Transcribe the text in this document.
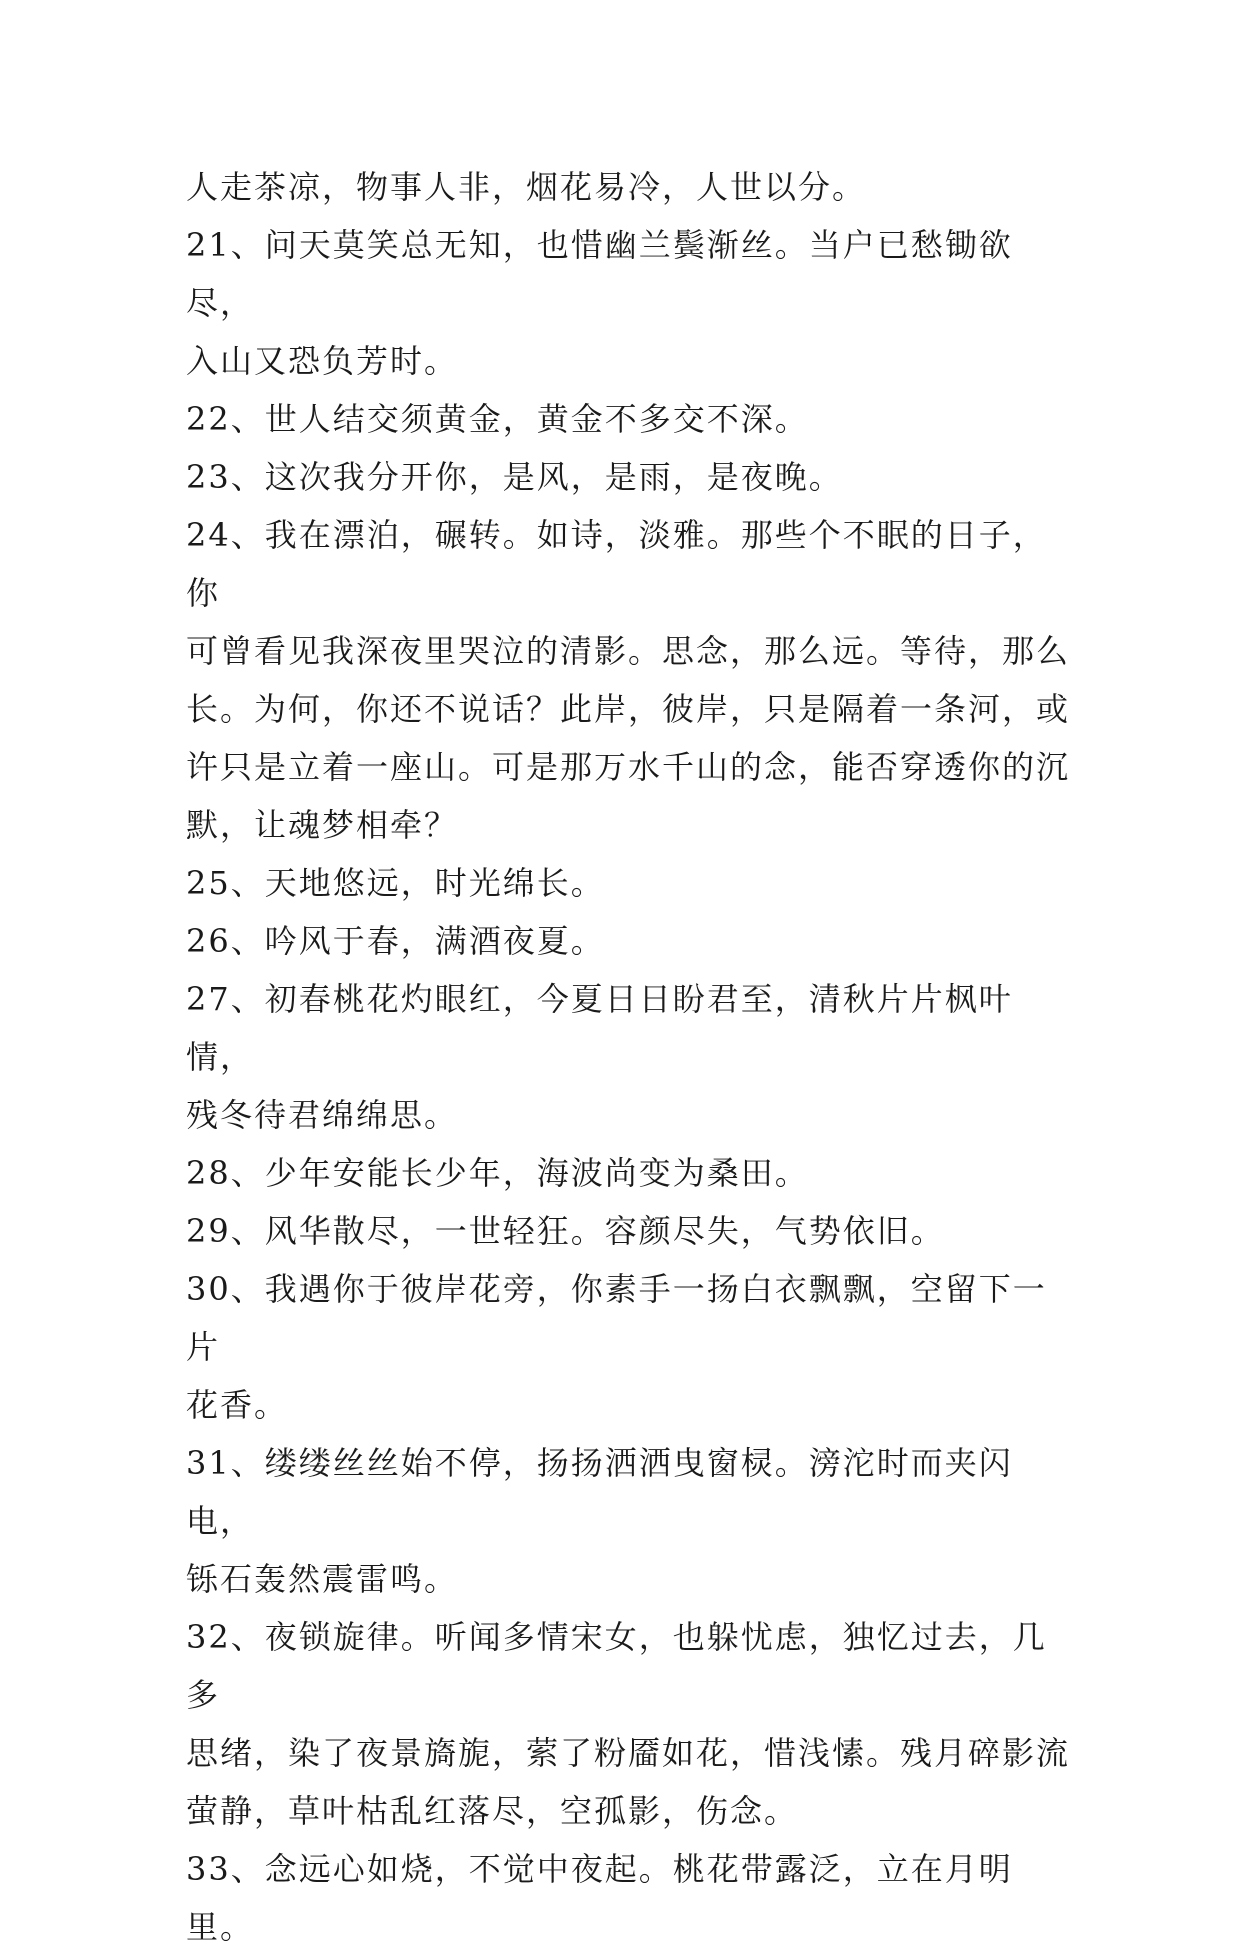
人走茶凉，物事人非，烟花易冷，人世以分。

21、问天莫笑总无知，也惜幽兰鬓渐丝。当户已愁锄欲尽，
入山又恐负芳时。

22、世人结交须黄金，黄金不多交不深。

23、这次我分开你，是风，是雨，是夜晚。

24、我在漂泊，碾转。如诗，淡雅。那些个不眠的日子，你
可曾看见我深夜里哭泣的清影。思念，那么远。等待，那么
长。为何，你还不说话？此岸，彼岸，只是隔着一条河，或
许只是立着一座山。可是那万水千山的念，能否穿透你的沉
默，让魂梦相牵？

25、天地悠远，时光绵长。

26、吟风于春，满酒夜夏。

27、初春桃花灼眼红，今夏日日盼君至，清秋片片枫叶情，
残冬待君绵绵思。

28、少年安能长少年，海波尚变为桑田。

29、风华散尽，一世轻狂。容颜尽失，气势依旧。

30、我遇你于彼岸花旁，你素手一扬白衣飘飘，空留下一片
花香。

31、缕缕丝丝始不停，扬扬洒洒曳窗棂。滂沱时而夹闪电，
铄石轰然震雷鸣。

32、夜锁旋律。听闻多情宋女，也躲忧虑，独忆过去，几多
思绪，染了夜景旖旎，萦了粉靥如花，惜浅愫。残月碎影流
萤静，草叶枯乱红落尽，空孤影，伤念。

33、念远心如烧，不觉中夜起。桃花带露泛，立在月明里。
